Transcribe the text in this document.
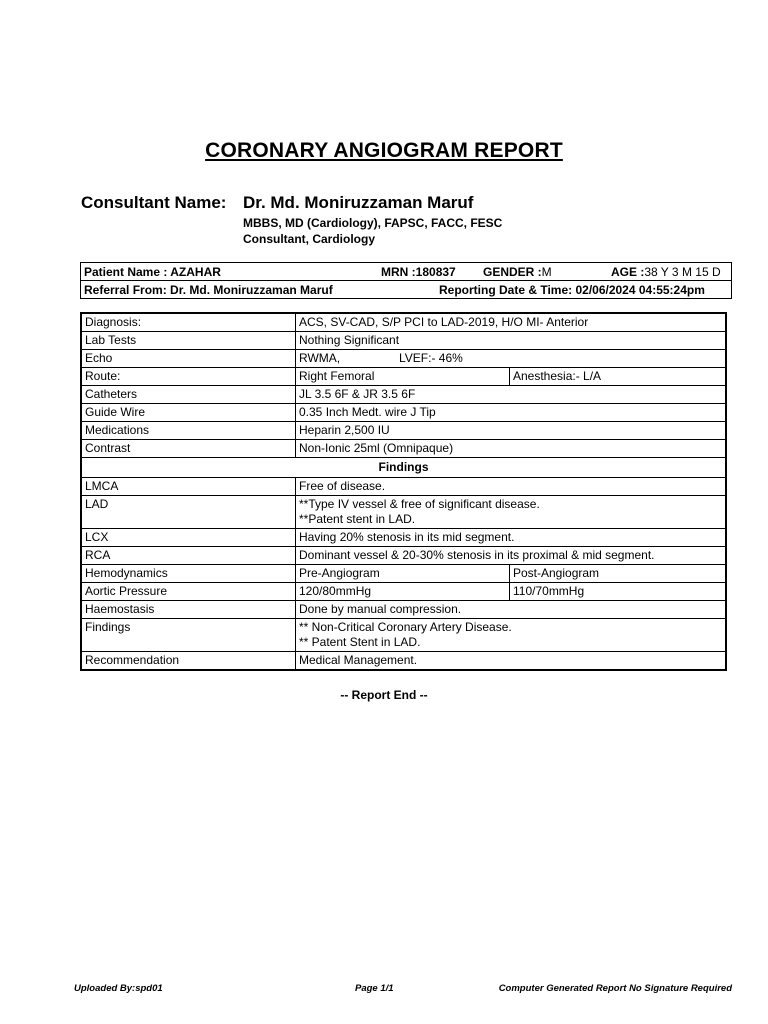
CORONARY ANGIOGRAM REPORT
Consultant Name: Dr. Md. Moniruzzaman Maruf
MBBS, MD (Cardiology), FAPSC, FACC, FESC
Consultant, Cardiology
Patient Name : AZAHAR	MRN :180837 GENDER :M	AGE :38 Y 3 M 15 D
Referral From: Dr. Md. Moniruzzaman Maruf	Reporting Date & Time: 02/06/2024 04:55:24pm
Diagnosis:	ACS, SV-CAD, S/P PCI to LAD-2019, H/O MI- Anterior	
Lab Tests	Nothing Significant	
Echo	RWMA, LVEF:- 46%	
Route:	Right Femoral	Anesthesia:- L/A
Catheters	JL 3.5 6F & JR 3.5 6F	
Guide Wire	0.35 Inch Medt. wire J Tip	
Medications	Heparin 2,500 IU	
Contrast	Non-Ionic 25ml (Omnipaque)	
Findings		
LMCA	Free of disease.	
LAD	**Type IV vessel & free of significant disease.
**Patent stent in LAD.	

LCX	Having 20% stenosis in its mid segment.	
RCA	Dominant vessel & 20-30% stenosis in its proximal & mid segment.	
Hemodynamics	Pre-Angiogram	Post-Angiogram
Aortic Pressure	120/80mmHg	110/70mmHg
Haemostasis	Done by manual compression.	
Findings	** Non-Critical Coronary Artery Disease.
** Patent Stent in LAD.	

Recommendation	Medical Management.	
-- Report End --
Uploaded By:spd01	Page 1/1	Computer Generated Report No Signature Required
